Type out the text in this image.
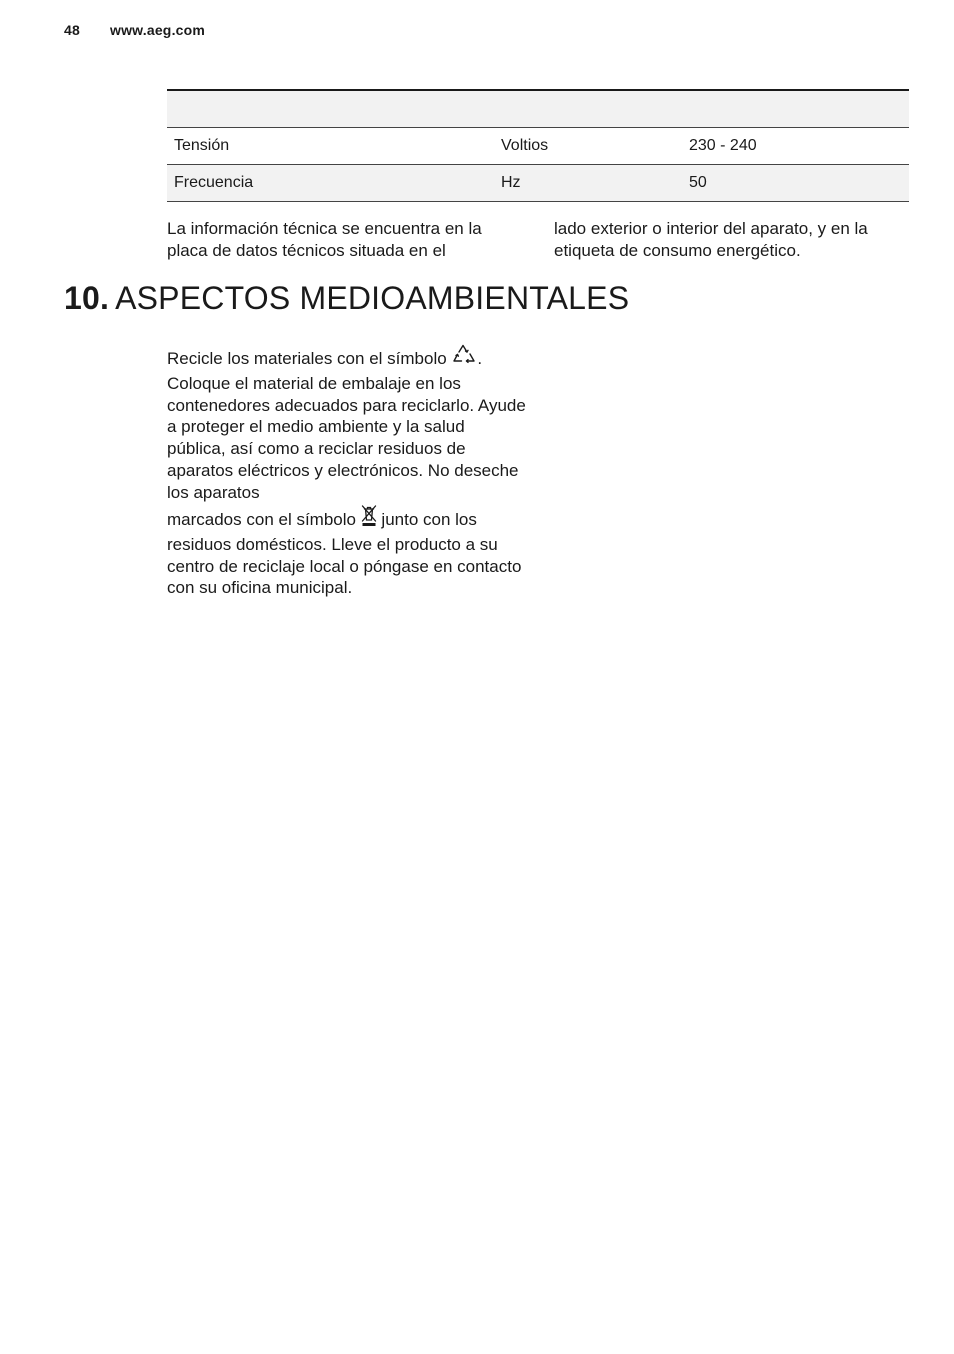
48 www.aeg.com

Tensión	Voltios	230 - 240
Frecuencia	Hz	50
La información técnica se encuentra en la placa de datos técnicos situada en el
lado exterior o interior del aparato, y en la etiqueta de consumo energético.
10. ASPECTOS MEDIOAMBIENTALES

Recicle los materiales con el símbolo . Coloque el material de embalaje en los contenedores adecuados para reciclarlo. Ayude a proteger el medio ambiente y la salud pública, así como a reciclar residuos de aparatos eléctricos y electrónicos. No deseche los aparatos

marcados con el símbolo  junto con los residuos domésticos. Lleve el producto a su centro de reciclaje local o póngase en contacto con su oficina municipal.
